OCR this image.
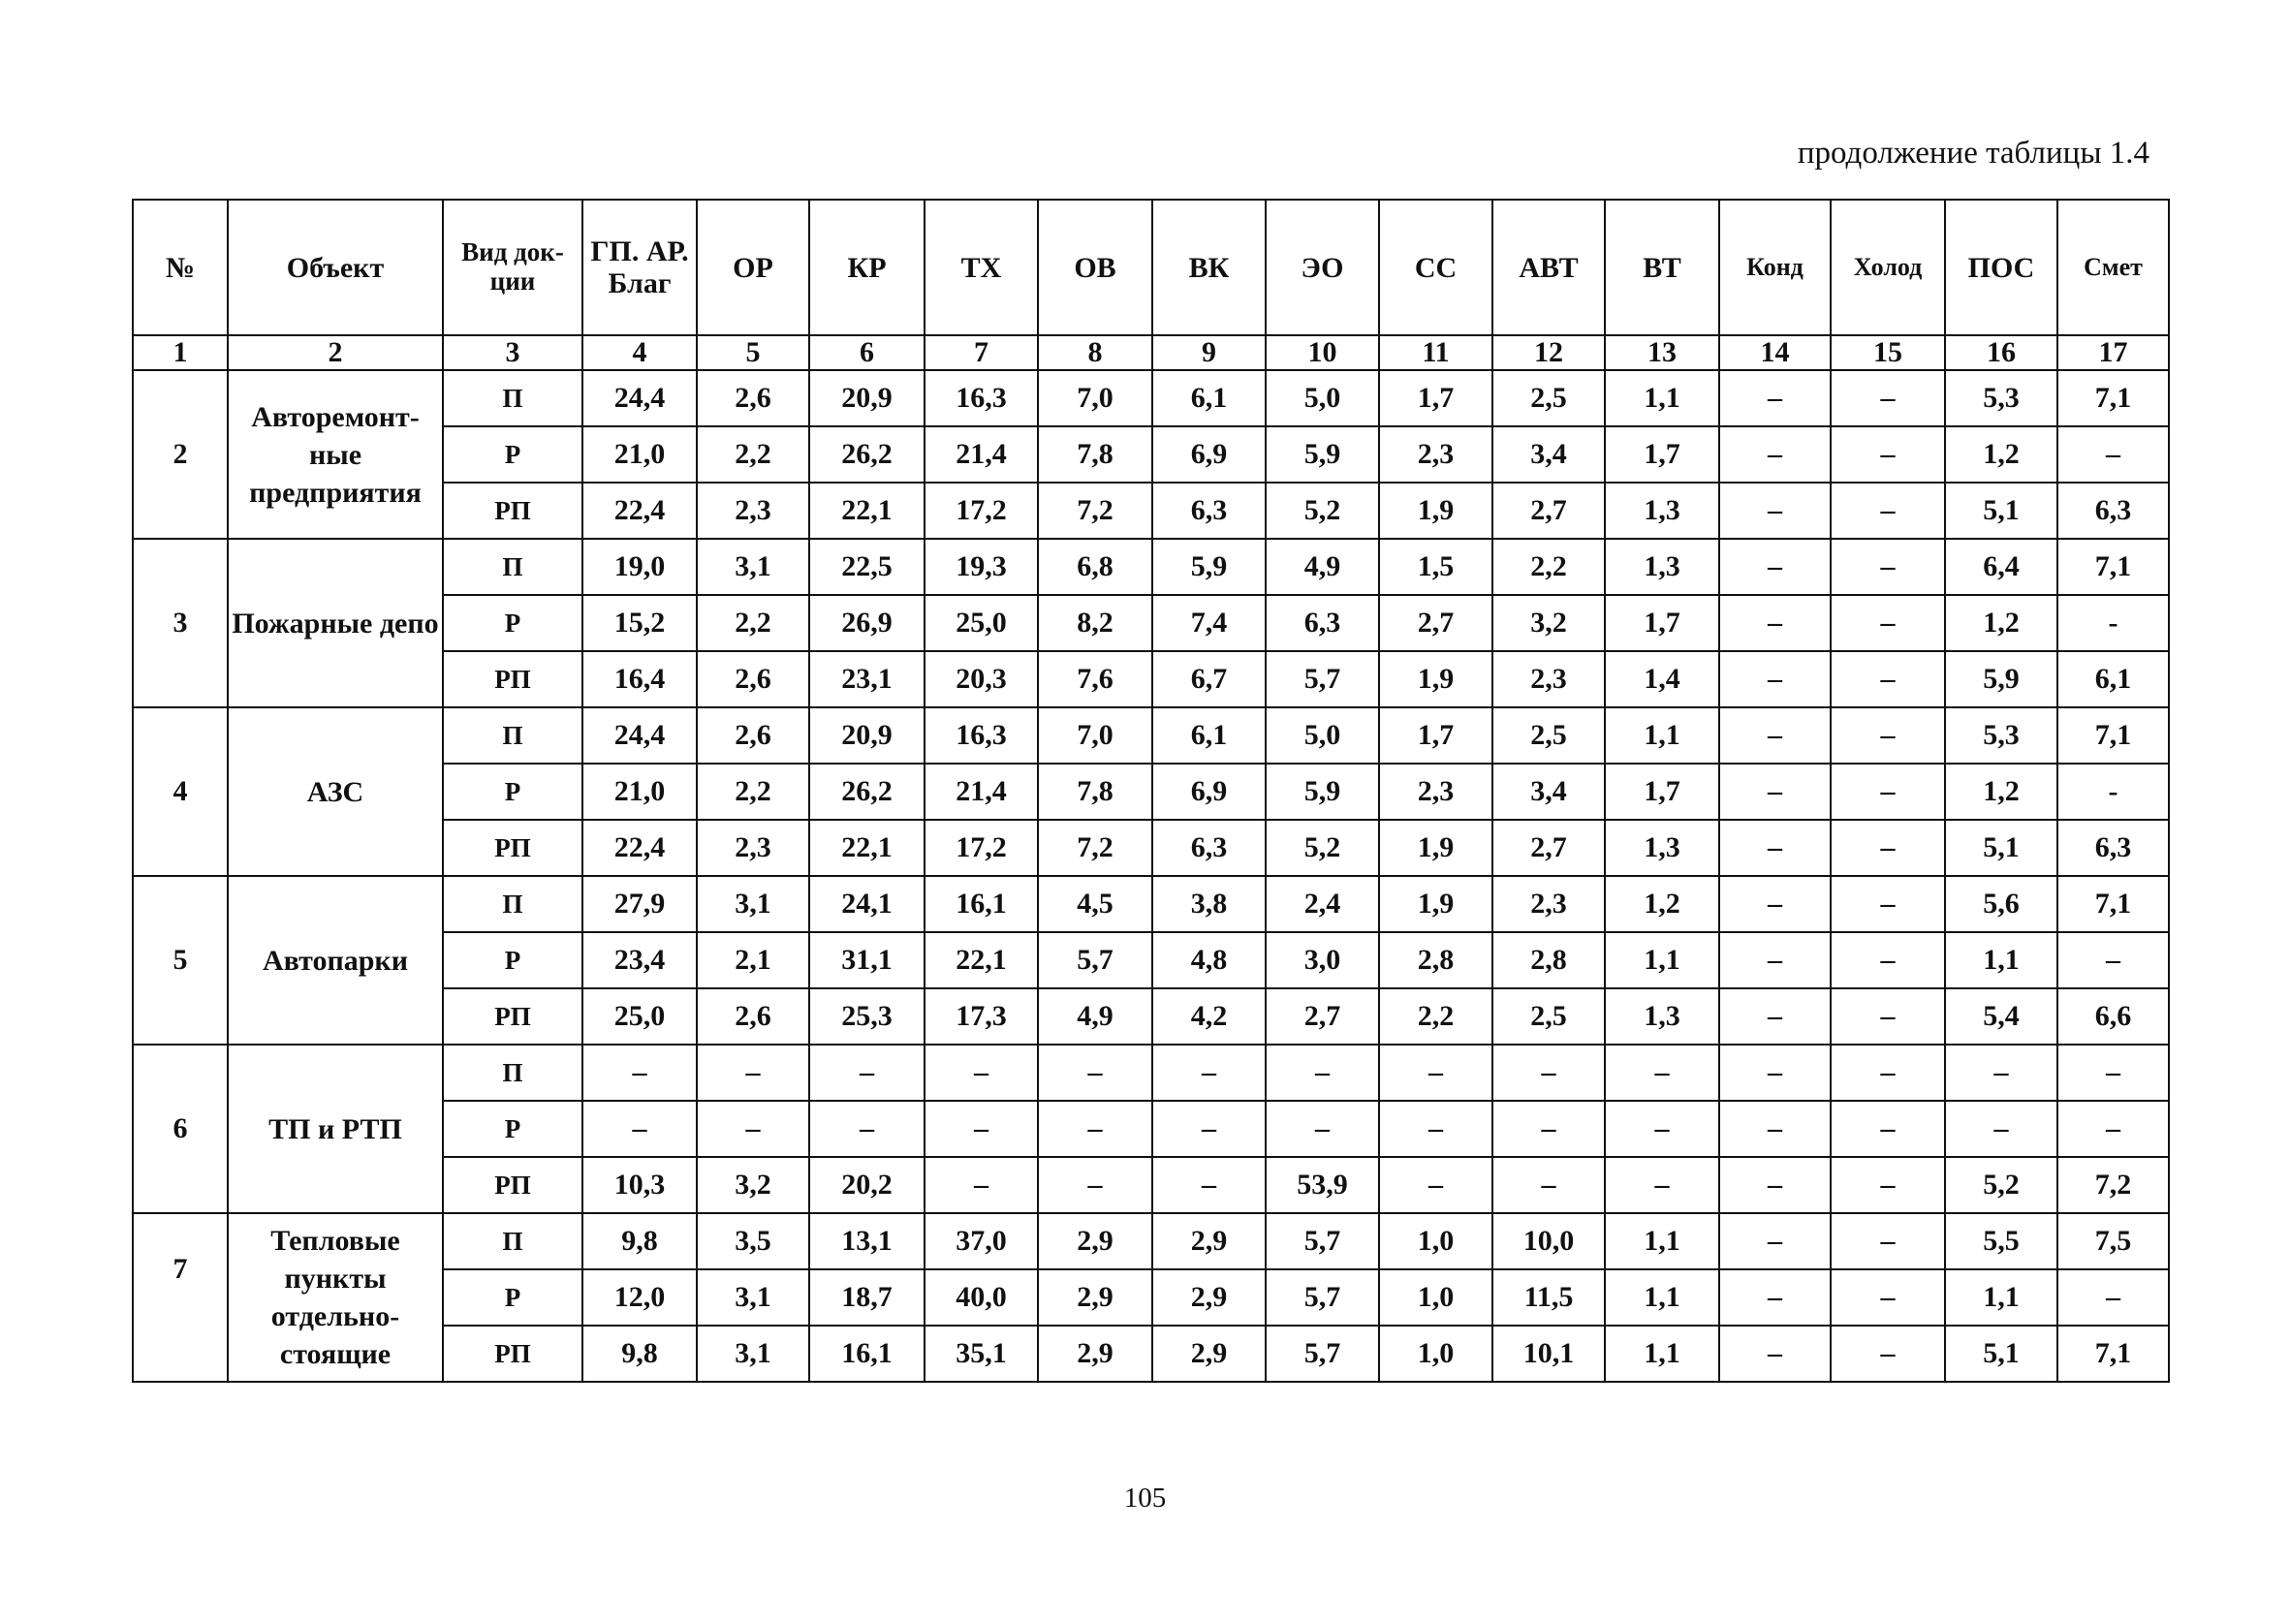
продолжение таблицы 1.4
№	Объект	Вид док-ции	ГП. АР. Благ	ОР	КР	ТХ	ОВ	ВК	ЭО	СС	АВТ	ВТ	Конд	Холод	ПОС	Смет
1	2	3	4	5	6	7	8	9	10	11	12	13	14	15	16	17
2	Авторемонт-ные предприятия	П	24,4	2,6	20,9	16,3	7,0	6,1	5,0	1,7	2,5	1,1	–	–	5,3	7,1
		Р	21,0	2,2	26,2	21,4	7,8	6,9	5,9	2,3	3,4	1,7	–	–	1,2	–
		РП	22,4	2,3	22,1	17,2	7,2	6,3	5,2	1,9	2,7	1,3	–	–	5,1	6,3
3	Пожарные депо	П	19,0	3,1	22,5	19,3	6,8	5,9	4,9	1,5	2,2	1,3	–	–	6,4	7,1
		Р	15,2	2,2	26,9	25,0	8,2	7,4	6,3	2,7	3,2	1,7	–	–	1,2	-
		РП	16,4	2,6	23,1	20,3	7,6	6,7	5,7	1,9	2,3	1,4	–	–	5,9	6,1
4	АЗС	П	24,4	2,6	20,9	16,3	7,0	6,1	5,0	1,7	2,5	1,1	–	–	5,3	7,1
		Р	21,0	2,2	26,2	21,4	7,8	6,9	5,9	2,3	3,4	1,7	–	–	1,2	-
		РП	22,4	2,3	22,1	17,2	7,2	6,3	5,2	1,9	2,7	1,3	–	–	5,1	6,3
5	Автопарки	П	27,9	3,1	24,1	16,1	4,5	3,8	2,4	1,9	2,3	1,2	–	–	5,6	7,1
		Р	23,4	2,1	31,1	22,1	5,7	4,8	3,0	2,8	2,8	1,1	–	–	1,1	–
		РП	25,0	2,6	25,3	17,3	4,9	4,2	2,7	2,2	2,5	1,3	–	–	5,4	6,6
6	ТП и РТП	П	–	–	–	–	–	–	–	–	–	–	–	–	–	–
		Р	–	–	–	–	–	–	–	–	–	–	–	–	–	–
		РП	10,3	3,2	20,2	–	–	–	53,9	–	–	–	–	–	5,2	7,2
7	Тепловые пункты отдельно-стоящие	П	9,8	3,5	13,1	37,0	2,9	2,9	5,7	1,0	10,0	1,1	–	–	5,5	7,5
		Р	12,0	3,1	18,7	40,0	2,9	2,9	5,7	1,0	11,5	1,1	–	–	1,1	–
		РП	9,8	3,1	16,1	35,1	2,9	2,9	5,7	1,0	10,1	1,1	–	–	5,1	7,1
105
